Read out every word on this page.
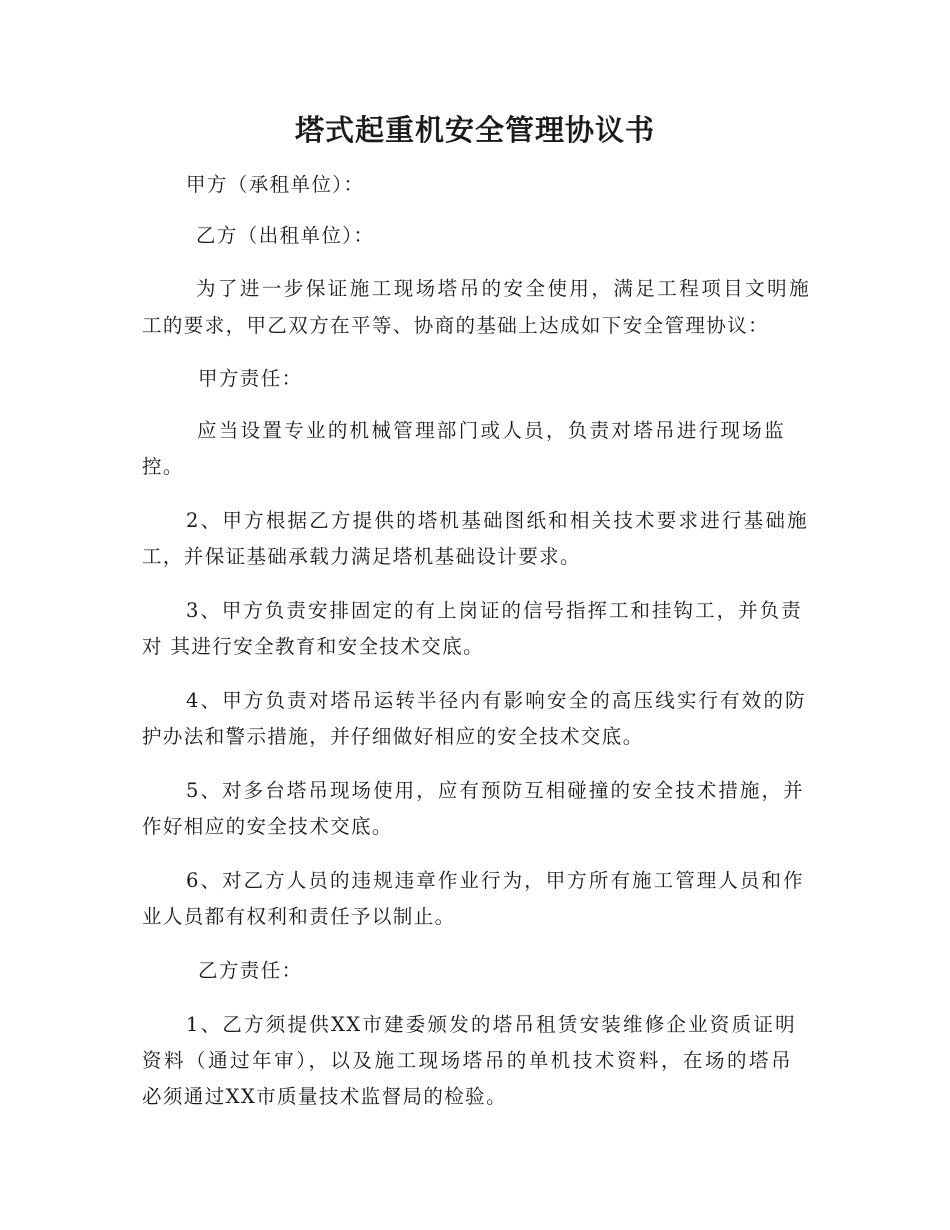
塔式起重机安全管理协议书
甲方（承租单位）：
乙方（出租单位）：
为了进一步保证施工现场塔吊的安全使用，满足工程项目文明施
工的要求，甲乙双方在平等、协商的基础上达成如下安全管理协议：
甲方责任：
应当设置专业的机械管理部门或人员，负责对塔吊进行现场监
控。
2、甲方根据乙方提供的塔机基础图纸和相关技术要求进行基础施
工，并保证基础承载力满足塔机基础设计要求。
3、甲方负责安排固定的有上岗证的信号指挥工和挂钩工，并负责
对 其进行安全教育和安全技术交底。
4、甲方负责对塔吊运转半径内有影响安全的高压线实行有效的防
护办法和警示措施，并仔细做好相应的安全技术交底。
5、对多台塔吊现场使用，应有预防互相碰撞的安全技术措施，并
作好相应的安全技术交底。
6、对乙方人员的违规违章作业行为，甲方所有施工管理人员和作
业人员都有权利和责任予以制止。
乙方责任：
1、乙方须提供XX市建委颁发的塔吊租赁安装维修企业资质证明
资料（通过年审），以及施工现场塔吊的单机技术资料，在场的塔吊
必须通过XX市质量技术监督局的检验。
